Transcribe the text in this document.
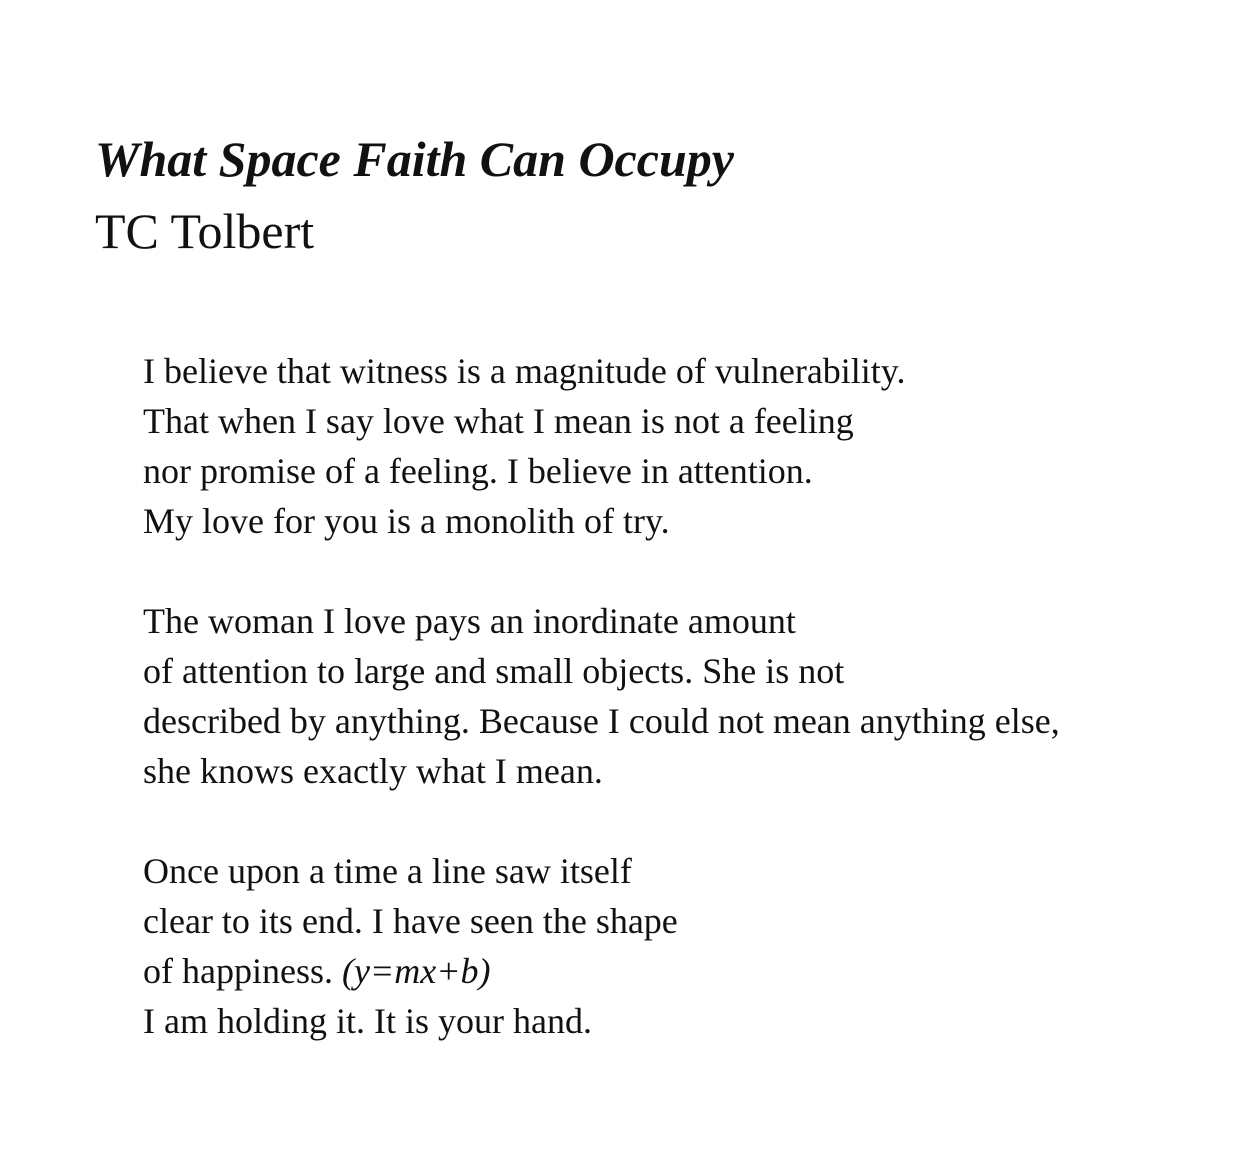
What Space Faith Can Occupy
TC Tolbert

I believe that witness is a magnitude of vulnerability.
That when I say love what I mean is not a feeling
nor promise of a feeling. I believe in attention.
My love for you is a monolith of try.

The woman I love pays an inordinate amount
of attention to large and small objects. She is not
described by anything. Because I could not mean anything else,
she knows exactly what I mean.

Once upon a time a line saw itself
clear to its end. I have seen the shape
of happiness. (y=mx+b)
I am holding it. It is your hand.
